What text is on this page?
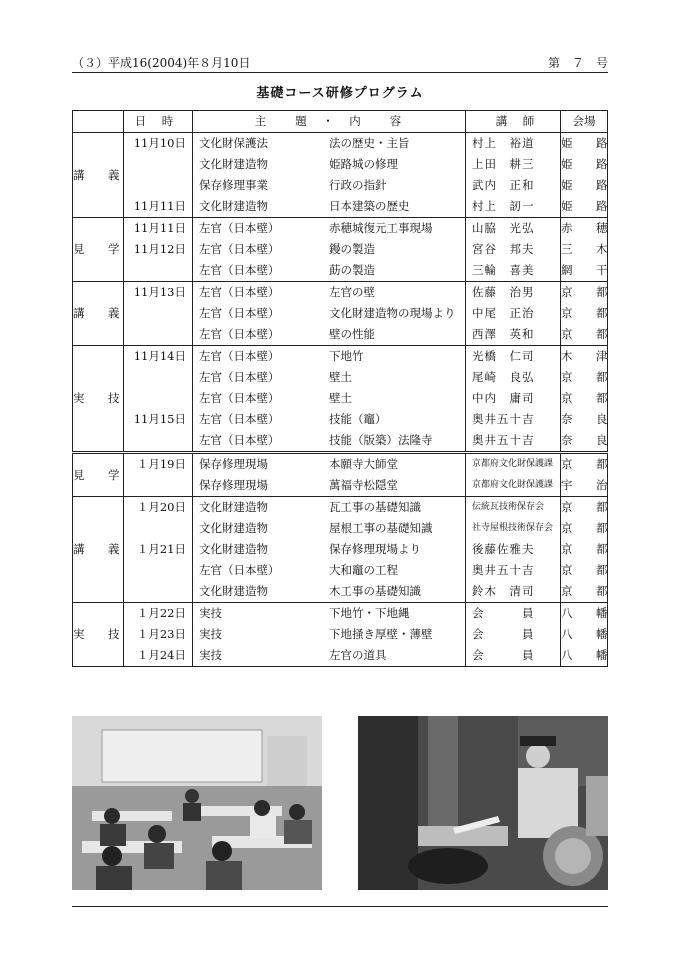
（３）平成16(2004)年８月10日	第　７　号
基礎コース研修プログラム
	日　時	主　　題　・　内　　容		講　師	会場
講　義	11月10日	文化財保護法	法の歴史・主旨	村上　裕道	姫　路
		文化財建造物	姫路城の修理	上田　耕三	姫　路
		保存修理事業	行政の指針	武内　正和	姫　路
	11月11日	文化財建造物	日本建築の歴史	村上　訒一	姫　路
見　学	11月11日	左官（日本壁）	赤穂城復元工事現場	山脇　光弘	赤　穂
	11月12日	左官（日本壁）	鏝の製造	宮谷　邦夫	三　木
		左官（日本壁）	莇の製造	三輪　喜美	網　干
講　義	11月13日	左官（日本壁）	左官の壁	佐藤　治男	京　都
		左官（日本壁）	文化財建造物の現場より	中尾　正治	京　都
		左官（日本壁）	壁の性能	西澤　英和	京　都
実　技	11月14日	左官（日本壁）	下地竹	光橋　仁司	木　津
		左官（日本壁）	壁土	尾崎　良弘	京　都
		左官（日本壁）	壁土	中内　庸司	京　都
	11月15日	左官（日本壁）	技能（竈）	奥井五十吉	奈　良
		左官（日本壁）	技能（版築）法隆寺	奥井五十吉	奈　良
見　学	１月19日	保存修理現場	本願寺大師堂	京都府文化財保護課	京　都
		保存修理現場	萬福寺松隠堂	京都府文化財保護課	宇　治
講　義	１月20日	文化財建造物	瓦工事の基礎知識	伝統瓦技術保存会	京　都
		文化財建造物	屋根工事の基礎知識	社寺屋根技術保存会	京　都
	１月21日	文化財建造物	保存修理現場より	後藤佐雅夫	京　都
		左官（日本壁）	大和竈の工程	奥井五十吉	京　都
		文化財建造物	木工事の基礎知識	鈴木　清司	京　都
実　技	１月22日	実技	下地竹・下地縄	会　　　員	八　幡
	１月23日	実技	下地掻き厚壁・薄壁	会　　　員	八　幡
	１月24日	実技	左官の道具	会　　　員	八　幡
